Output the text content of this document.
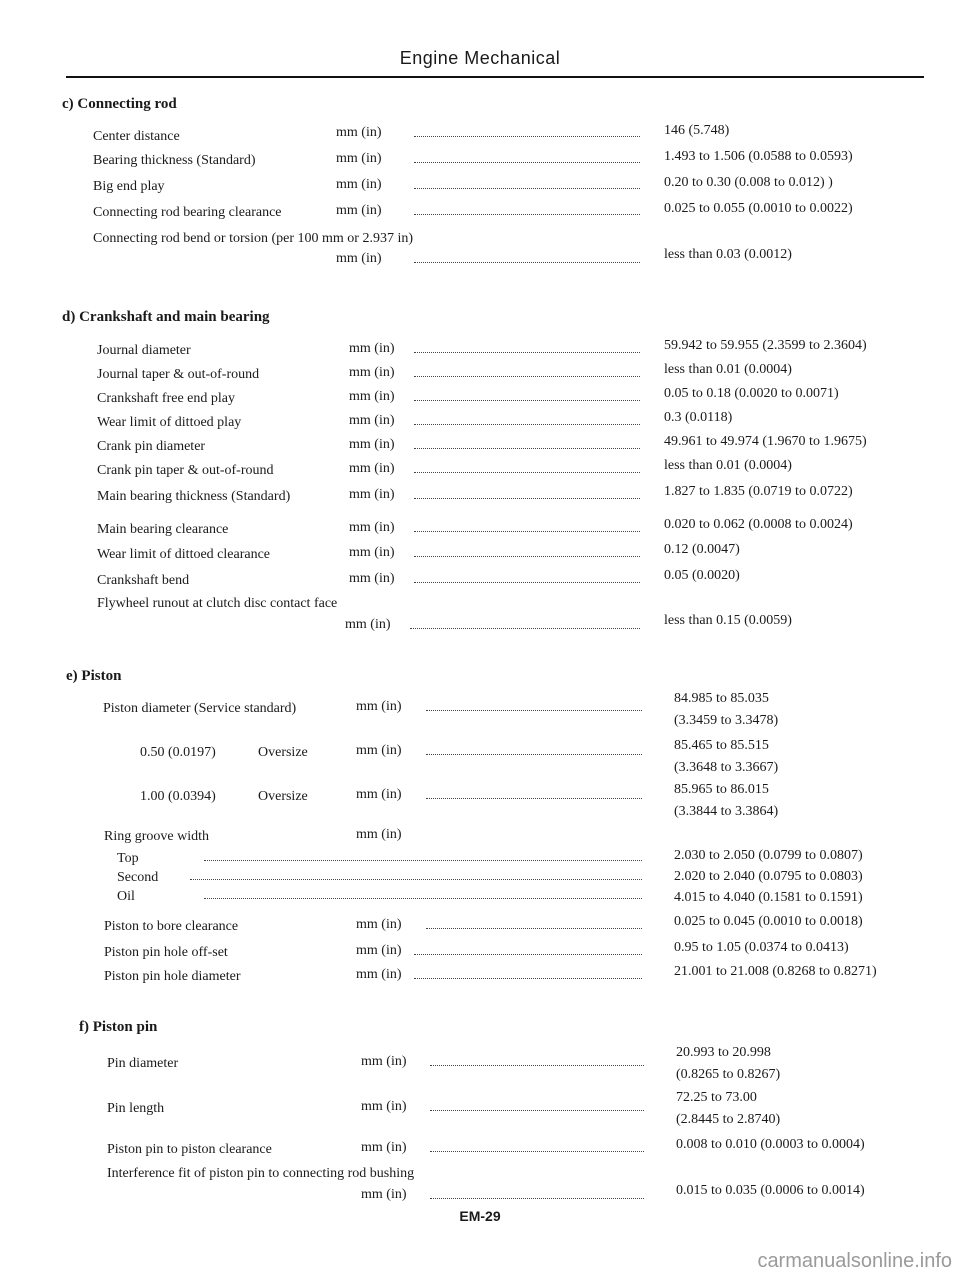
Engine Mechanical
c) Connecting rod
Center distance	mm (in)	146 (5.748)
Bearing thickness (Standard)	mm (in)	1.493 to 1.506 (0.0588 to 0.0593)
Big end play	mm (in)	0.20 to 0.30 (0.008 to 0.012) )
Connecting rod bearing clearance	mm (in)	0.025 to 0.055 (0.0010 to 0.0022)
Connecting rod bend or torsion (per 100 mm or 2.937 in)
mm (in)	less than 0.03 (0.0012)
d) Crankshaft and main bearing
Journal diameter	mm (in)	59.942 to 59.955 (2.3599 to 2.3604)
Journal taper & out-of-round	mm (in)	less than 0.01 (0.0004)
Crankshaft free end play	mm (in)	0.05 to 0.18 (0.0020 to 0.0071)
Wear limit of dittoed play	mm (in)	0.3 (0.0118)
Crank pin diameter	mm (in)	49.961 to 49.974 (1.9670 to 1.9675)
Crank pin taper & out-of-round	mm (in)	less than 0.01 (0.0004)
Main bearing thickness (Standard)	mm (in)	1.827 to 1.835 (0.0719 to 0.0722)
Main bearing clearance	mm (in)	0.020 to 0.062 (0.0008 to 0.0024)
Wear limit of dittoed clearance	mm (in)	0.12 (0.0047)
Crankshaft bend	mm (in)	0.05 (0.0020)
Flywheel runout at clutch disc contact face
mm (in)	less than 0.15 (0.0059)
e) Piston
Piston diameter (Service standard)	mm (in)
84.985 to 85.035
(3.3459 to 3.3478)
0.50 (0.0197)	Oversize	mm (in)	85.465 to 85.515
(3.3648 to 3.3667)
1.00 (0.0394)	Oversize	mm (in)	85.965 to 86.015
(3.3844 to 3.3864)
Ring groove width	mm (in)
Top	2.030 to 2.050 (0.0799 to 0.0807)
Second	2.020 to 2.040 (0.0795 to 0.0803)
Oil	4.015 to 4.040 (0.1581 to 0.1591)
Piston to bore clearance	mm (in)	0.025 to 0.045 (0.0010 to 0.0018)
Piston pin hole off-set	mm (in)	0.95 to 1.05 (0.0374 to 0.0413)
Piston pin hole diameter	mm (in)	21.001 to 21.008 (0.8268 to 0.8271)
f) Piston pin
Pin diameter	mm (in)
20.993 to 20.998
(0.8265 to 0.8267)
Pin length	mm (in)
72.25 to 73.00
(2.8445 to 2.8740)
Piston pin to piston clearance	mm (in)	0.008 to 0.010 (0.0003 to 0.0004)
Interference fit of piston pin to connecting rod bushing
mm (in)	0.015 to 0.035 (0.0006 to 0.0014)
EM-29
carmanualsonline.info
